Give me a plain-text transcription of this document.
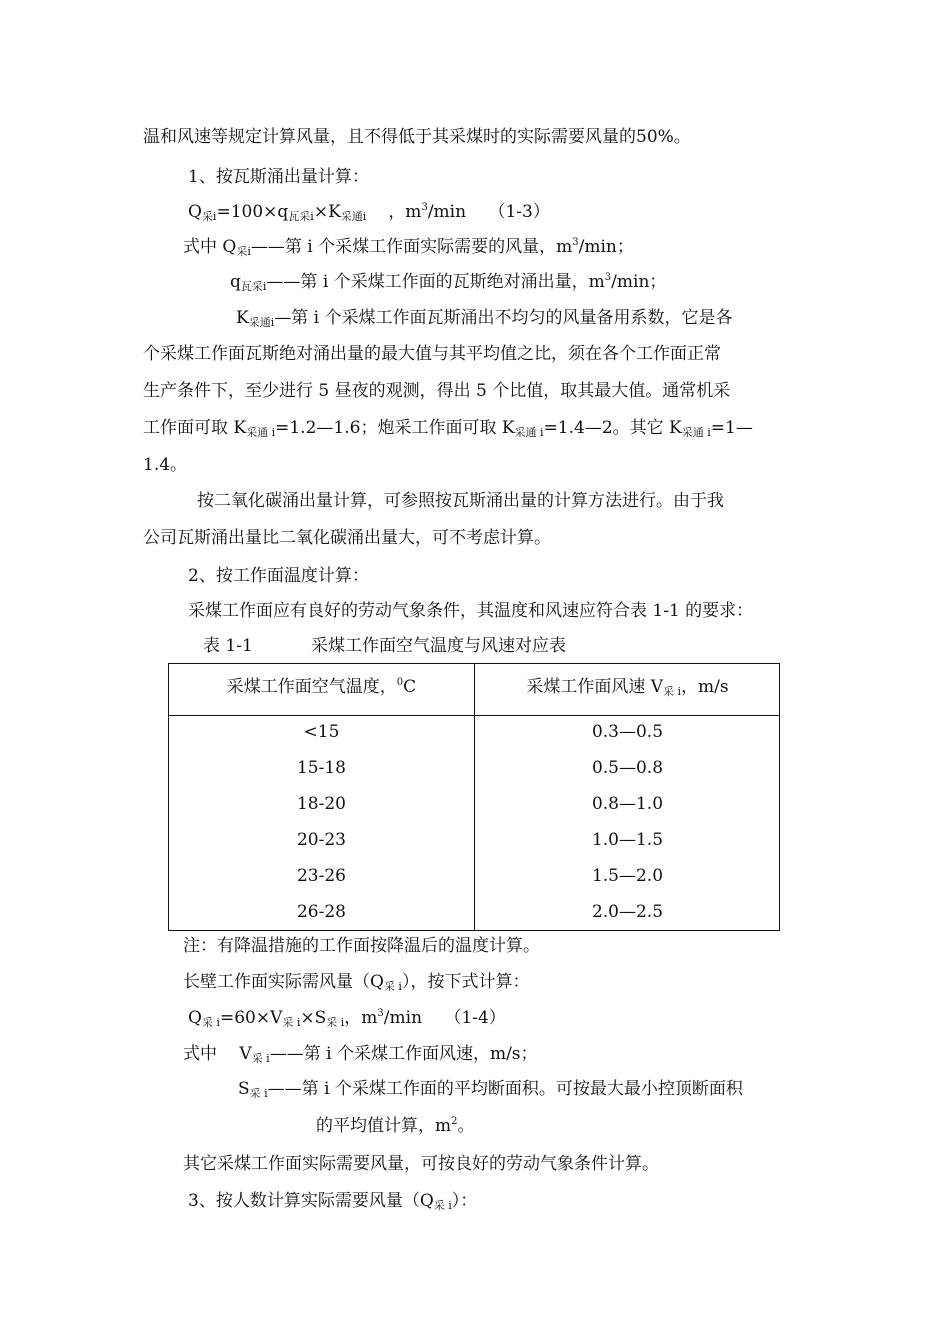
温和风速等规定计算风量，且不得低于其采煤时的实际需要风量的50%。
1、按瓦斯涌出量计算：
Q采i=100×q瓦采i×K采通i ，$m^3/\min$　 （1-3）
式中 Q采i——第 i 个采煤工作面实际需要的风量，$m^3/\min$；
q瓦采i——第 i 个采煤工作面的瓦斯绝对涌出量，$m^3/\min$；
K采通i—第 i 个采煤工作面瓦斯涌出不均匀的风量备用系数，它是各
个采煤工作面瓦斯绝对涌出量的最大值与其平均值之比，须在各个工作面正常
生产条件下，至少进行 5 昼夜的观测，得出 5 个比值，取其最大值。通常机采
工作面可取 K采通 i=1.2—1.6；炮采工作面可取 K采通 i=1.4—2。其它 K采通 i=1—
1.4。
按二氧化碳涌出量计算，可参照按瓦斯涌出量的计算方法进行。由于我
公司瓦斯涌出量比二氧化碳涌出量大，可不考虑计算。
2、按工作面温度计算：
采煤工作面应有良好的劳动气象条件，其温度和风速应符合表 1-1 的要求：
表 1-1	采煤工作面空气温度与风速对应表
采煤工作面空气温度，$^0$C	采煤工作面风速 V采 i，m/s
<15	0.3—0.5
15-18	0.5—0.8
18-20	0.8—1.0
20-23	1.0—1.5
23-26	1.5—2.0
26-28	2.0—2.5
注：有降温措施的工作面按降温后的温度计算。
长壁工作面实际需风量（Q采 i），按下式计算：
Q采 i=60×V采 i×S采 i，$m^3/\min$　 （1-4）
式中　 V采 i——第 i 个采煤工作面风速，m/s；
S采 i——第 i 个采煤工作面的平均断面积。可按最大最小控顶断面积
的平均值计算，$m^2$。
其它采煤工作面实际需要风量，可按良好的劳动气象条件计算。
3、按人数计算实际需要风量（Q采 i）：
